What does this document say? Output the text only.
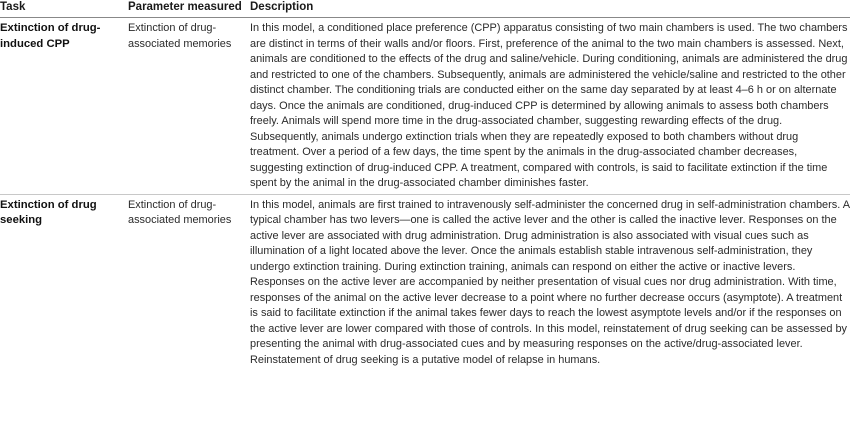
Task	Parameter measured	Description
Extinction of drug-induced CPP	Extinction of drug-associated memories	In this model, a conditioned place preference (CPP) apparatus consisting of two main chambers is used. The two chambers are distinct in terms of their walls and/or floors. First, preference of the animal to the two main chambers is assessed. Next, animals are conditioned to the effects of the drug and saline/vehicle. During conditioning, animals are administered the drug and restricted to one of the chambers. Subsequently, animals are administered the vehicle/saline and restricted to the other distinct chamber. The conditioning trials are conducted either on the same day separated by at least 4–6 h or on alternate days. Once the animals are conditioned, drug-induced CPP is determined by allowing animals to assess both chambers freely. Animals will spend more time in the drug-associated chamber, suggesting rewarding effects of the drug. Subsequently, animals undergo extinction trials when they are repeatedly exposed to both chambers without drug treatment. Over a period of a few days, the time spent by the animals in the drug-associated chamber decreases, suggesting extinction of drug-induced CPP. A treatment, compared with controls, is said to facilitate extinction if the time spent by the animal in the drug-associated chamber diminishes faster.
Extinction of drug seeking	Extinction of drug-associated memories	In this model, animals are first trained to intravenously self-administer the concerned drug in self-administration chambers. A typical chamber has two levers—one is called the active lever and the other is called the inactive lever. Responses on the active lever are associated with drug administration. Drug administration is also associated with visual cues such as illumination of a light located above the lever. Once the animals establish stable intravenous self-administration, they undergo extinction training. During extinction training, animals can respond on either the active or inactive levers. Responses on the active lever are accompanied by neither presentation of visual cues nor drug administration. With time, responses of the animal on the active lever decrease to a point where no further decrease occurs (asymptote). A treatment is said to facilitate extinction if the animal takes fewer days to reach the lowest asymptote levels and/or if the responses on the active lever are lower compared with those of controls. In this model, reinstatement of drug seeking can be assessed by presenting the animal with drug-associated cues and by measuring responses on the active/drug-associated lever. Reinstatement of drug seeking is a putative model of relapse in humans.
